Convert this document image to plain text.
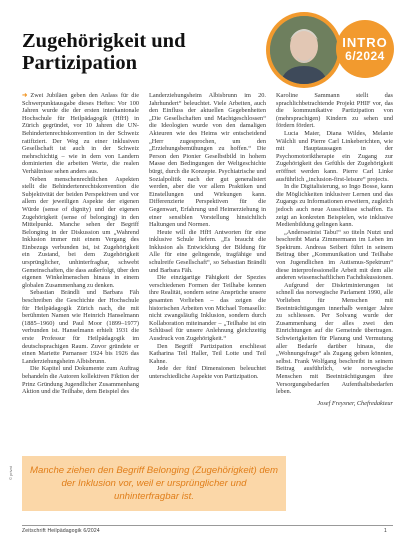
Zugehörigkeit und Partizipation
INTRO
6/2024

➜ Zwei Jubiläen geben den Anlass für die Schwerpunktausgabe dieses Heftes: Vor 100 Jahren wurde die der ersten interkantonale Hochschule für Heilpädagogik (HfH) in Zürich gegründet, vor 10 Jahren die UN-Behindertenrechtskonvention in der Schweiz ratifiziert. Der Weg zu einer inklusiven Gesellschaft ist auch in der Schweiz mehrschichtig – wie in dem von Landern dominierten die arbeiten Werte, die realen Verhältnisse sehen anders aus.

Neben menschenrechtlichen Aspekten stellt die Behindertenrechtskonvention die Subjektivität der beiden Perspektiven und vor allem der jeweiligen Aspekte der eigenen Würde (sense of dignity) und der eigenen Zugehörigkeit (sense of belonging) in den Mittelpunkt. Manche sehen der Begriff Belonging in der Diskussion um „Wahrend Inklusion immer mit einem Vergang des Einbezugs verbunden ist, ist Zugehörigkeit ein Zustand, bei dem Zugehörigkeit ursprünglicher, unhinterfragbar, schwebt Gemeinschaften, die dass außerfolgt, über den eigenen Winkelmenschen hinaus in einem globalen Zusammenhang zu denken.

Sebastian Brändli und Barbara Fäh beschreiben die Geschichte der Hochschule für Heilpädagogik Zürich nach, die mit berühmten Namen wie Heinrich Hanselmann (1885–1960) und Paul Moor (1899–1977) verbunden ist. Hanselmann erhielt 1931 die erste Professur für Heilpädagogik im deutschsprachigen Raum. Zuvor gründete er einen Mariette Parnanser 1924 bis 1926 das Landerziehungsheim Albisbrunn.

Die Kapitel und Dokumente zum Auftrag behandeln die Autoren kollektiven Fiktion der Prinz Gründung Jugendlicher Zusammenhang Aktion und die Teilhabe, dem Beispiel des

Landerziehungsheim Albisbrunn im 20. Jahrhundert“ beleuchtet. Viele Arbeiten, auch den Einfluss der aktuellen Gegebenheiten „Die Gesellschaften und Machtgeschlossen“ die Ideologien wurde von den damaligen Akteuren wie des Heims wir entscheidend „Herr zugesprochen, um den „Erziehungsbemühungen zu hoffen.“ Die Person den Pionier Geselbstbild in hohem Masse den Bedingungen der Weltgeschichte bürgt, durch die Konzepte. Psychiatrische und Sozialpolitik nach der gut generalisiert werden, aber die vor allem Praktiken und Einstellungen und Wirkungen kann. Differenzierte Perspektiven für die Gegenwart, Erfahrung und Heimerziehung in einer sensiblen Vorstellung hinsichtlich Haltungen und Normen.

Heute will die HfH Antworten für eine inklusive Schule liefern. „Es braucht die Inklusion als Entwicklung der Bildung für Alle für eine gelingende, tragfähige und schulreife Gesellschaft“, so Sebastian Brändli und Barbara Fäh.

Die einzigartige Fähigkeit der Spezies verschiedenen Formen der Teilhabe kennen ihre Realität, sondern seine Ansprüche unsere gesamten Vorlieben – das zeigen die historischen Arbeiten von Michael Tomasello: nicht zwangsläufig Inklusion, sondern durch Kollaboration miteinander – „Teilhabe ist ein Schlüssel für unsere Anlehnung gleichzeitig Ausdruck von Zugehörigkeit.“

Den Begriff Partizipation erschliesst Katharina Teil Haller, Teil Lotte und Teil Kahne.

Jede der fünf Dimensionen beleuchtet unterschiedliche Aspekte von Partizipation.

Karoline Sammann stellt das sprachlichbetrachtende Projekt PHIF vor, das die kommunikative Partizipation von (mehrsprachigen) Kindern zu sehen und fördern fördert.

Lucia Maier, Diana Wildes, Melanie Wälchli und Pierre Carl Linkeberichten, wie mit Hauptaussagen in der Psychomotoriktherapie ein Zugang zur Zugehörigkeit des Gefühls der Zugehörigkeit eröffnet werden kann. Pierre Carl Linke ausführlich „inclusion-first-leisure“ projects.

In die Digitalisierung, so Ingo Bosse, kann die Möglichkeiten inklusiver Lernen und das Zugangs zu Informationen erweitern, zugleich jedoch auch neue Ausschlüsse schaffen. Es zeigt an konkreten Beispielen, wie inklusive Medienbildung gelingen kann.

„Andersseinist Tabu!“ so titeln Nutzt und beschreibt Maria Zimmermann im Leben im Spektrum. Andreas Seibert führt in seinem Beitrag über „Kommunikation und Teilhabe von Jugendlichen im Autismus-Spektrum“ diese interprofessionelle Arbeit mit dem alle anderen wissenschaftlichen Fachdiskussionen.

Aufgrund der Diskriminierungen ist schnell das norwegische Parlament 1990, alle Vorlieben für Menschen mit Beeinträchtigungen innerhalb weniger Jahre zu schliessen. Per Solvang wurde der Zusammenhang der alles zwei den Einrichtungen auf die Gemeinde übertragen. Schwierigkeiten für Planung und Vermutung aller Bedarfe darüber hinaus, die „Wohnungsfrage“ als Zugang geben könnten, selbst. Frank Wolfgang beschreibt in seinem Beitrag ausführlich, wie norwegische Menschen mit Beeinträchtigungen ihre Versorgungsbedarfen Aufenthaltsbedarfen leben.

Josef Freysner, Chefredakteur

Manche ziehen den Begriff Belonging (Zugehörigkeit) dem der Inklusion vor, weil er ursprünglicher und unhinterfragbar ist.

© privat
Zeitschrift Heilpädagogik 6/2024	1
